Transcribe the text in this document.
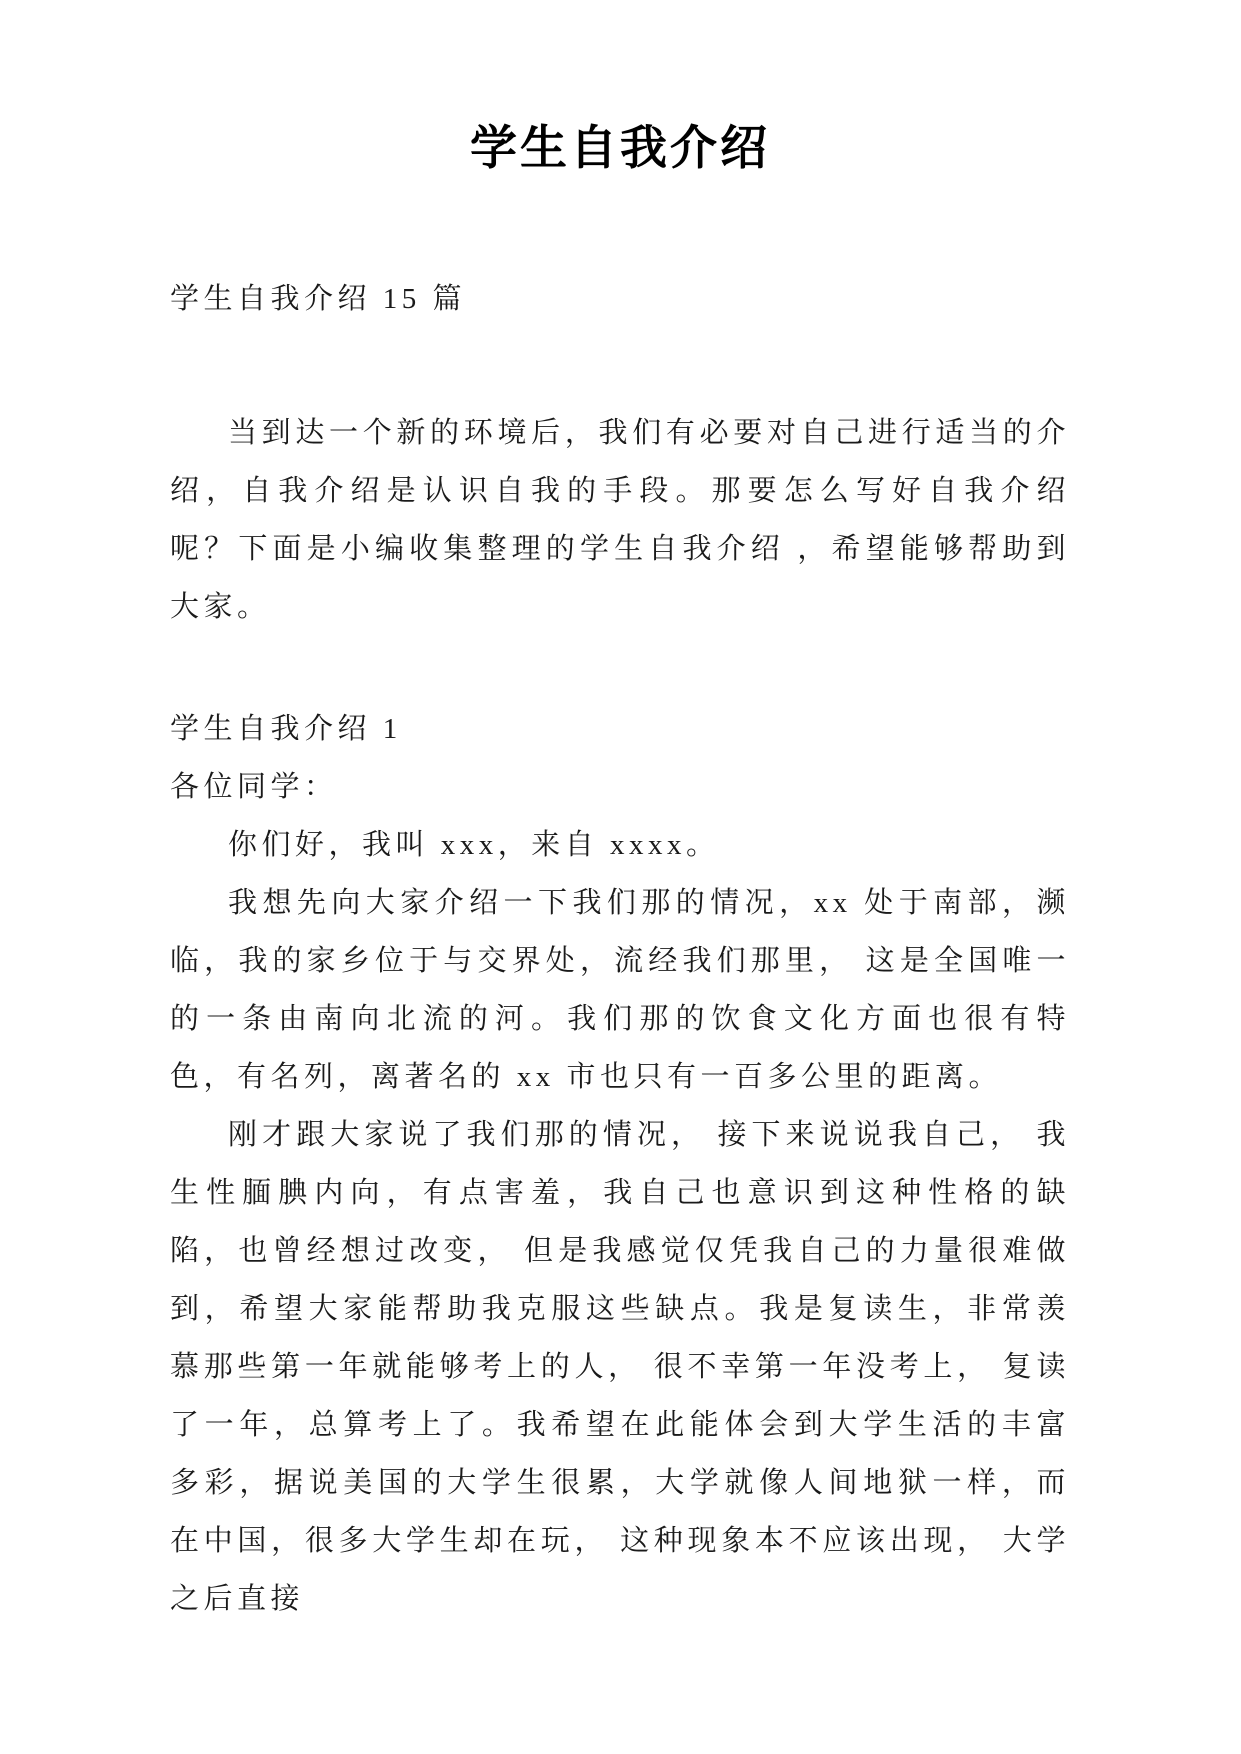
学生自我介绍

学生自我介绍 15 篇

当到达一个新的环境后，我们有必要对自己进行适当的介绍，自我介绍是认识自我的手段。那要怎么写好自我介绍呢？下面是小编收集整理的学生自我介绍 ，希望能够帮助到大家。

学生自我介绍 1

各位同学：

你们好，我叫 xxx，来自 xxxx。

我想先向大家介绍一下我们那的情况，xx 处于南部，濒临，我的家乡位于与交界处，流经我们那里， 这是全国唯一的一条由南向北流的河。我们那的饮食文化方面也很有特色，有名列，离著名的 xx 市也只有一百多公里的距离。

刚才跟大家说了我们那的情况， 接下来说说我自己， 我生性腼腆内向，有点害羞，我自己也意识到这种性格的缺陷，也曾经想过改变， 但是我感觉仅凭我自己的力量很难做到，希望大家能帮助我克服这些缺点。我是复读生，非常羡慕那些第一年就能够考上的人， 很不幸第一年没考上， 复读了一年，总算考上了。我希望在此能体会到大学生活的丰富多彩，据说美国的大学生很累，大学就像人间地狱一样，而在中国，很多大学生却在玩， 这种现象本不应该出现， 大学之后直接
